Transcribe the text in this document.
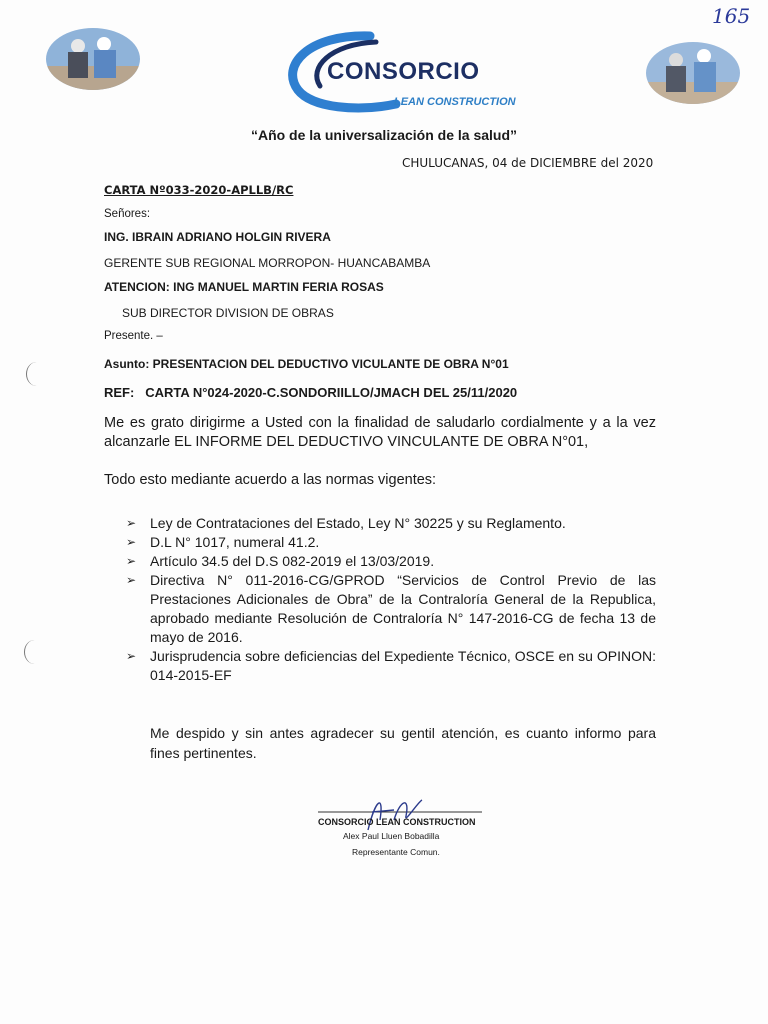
165
CONSORCIO
LEAN CONSTRUCTION
“Año de la universalización de la salud”
CHULUCANAS, 04 de DICIEMBRE del 2020
CARTA Nº033-2020-APLLB/RC
Señores:
ING. IBRAIN ADRIANO HOLGIN RIVERA
GERENTE SUB REGIONAL MORROPON- HUANCABAMBA
ATENCION: ING MANUEL MARTIN FERIA ROSAS
SUB DIRECTOR DIVISION DE OBRAS
Presente. –
Asunto: PRESENTACION DEL DEDUCTIVO VICULANTE DE OBRA N°01
REF: CARTA N°024-2020-C.SONDORIILLO/JMACH DEL 25/11/2020
Me es grato dirigirme a Usted con la finalidad de saludarlo cordialmente y a la vez alcanzarle EL INFORME DEL DEDUCTIVO VINCULANTE DE OBRA N°01,
Todo esto mediante acuerdo a las normas vigentes:
➢ Ley de Contrataciones del Estado, Ley N° 30225 y su Reglamento.
➢ D.L N° 1017, numeral 41.2.
➢ Artículo 34.5 del D.S 082-2019 el 13/03/2019.
➢ Directiva N° 011-2016-CG/GPROD “Servicios de Control Previo de las Prestaciones Adicionales de Obra” de la Contraloría General de la Republica, aprobado mediante Resolución de Contraloría N° 147-2016-CG de fecha 13 de mayo de 2016.
➢ Jurisprudencia sobre deficiencias del Expediente Técnico, OSCE en su OPINON: 014-2015-EF
Me despido y sin antes agradecer su gentil atención, es cuanto informo para fines pertinentes.
CONSORCIO LEAN CONSTRUCTION
Alex Paul Lluen Bobadilla
Representante Comun.
